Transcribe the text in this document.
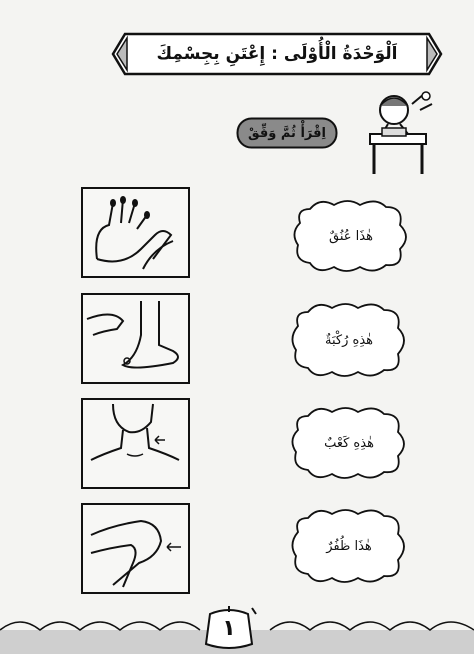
اَلْوَحْدَةُ الْأُوْلَى : إِعْتَنِ بِجِسْمِكَ
اِقْرَأْ ثُمَّ وَفِّقْ
هٰذَا عُنُقٌ
هٰذِهِ رُكْبَةٌ
هٰذِهِ كَعْبٌ
هٰذَا ظُفُرٌ
١
